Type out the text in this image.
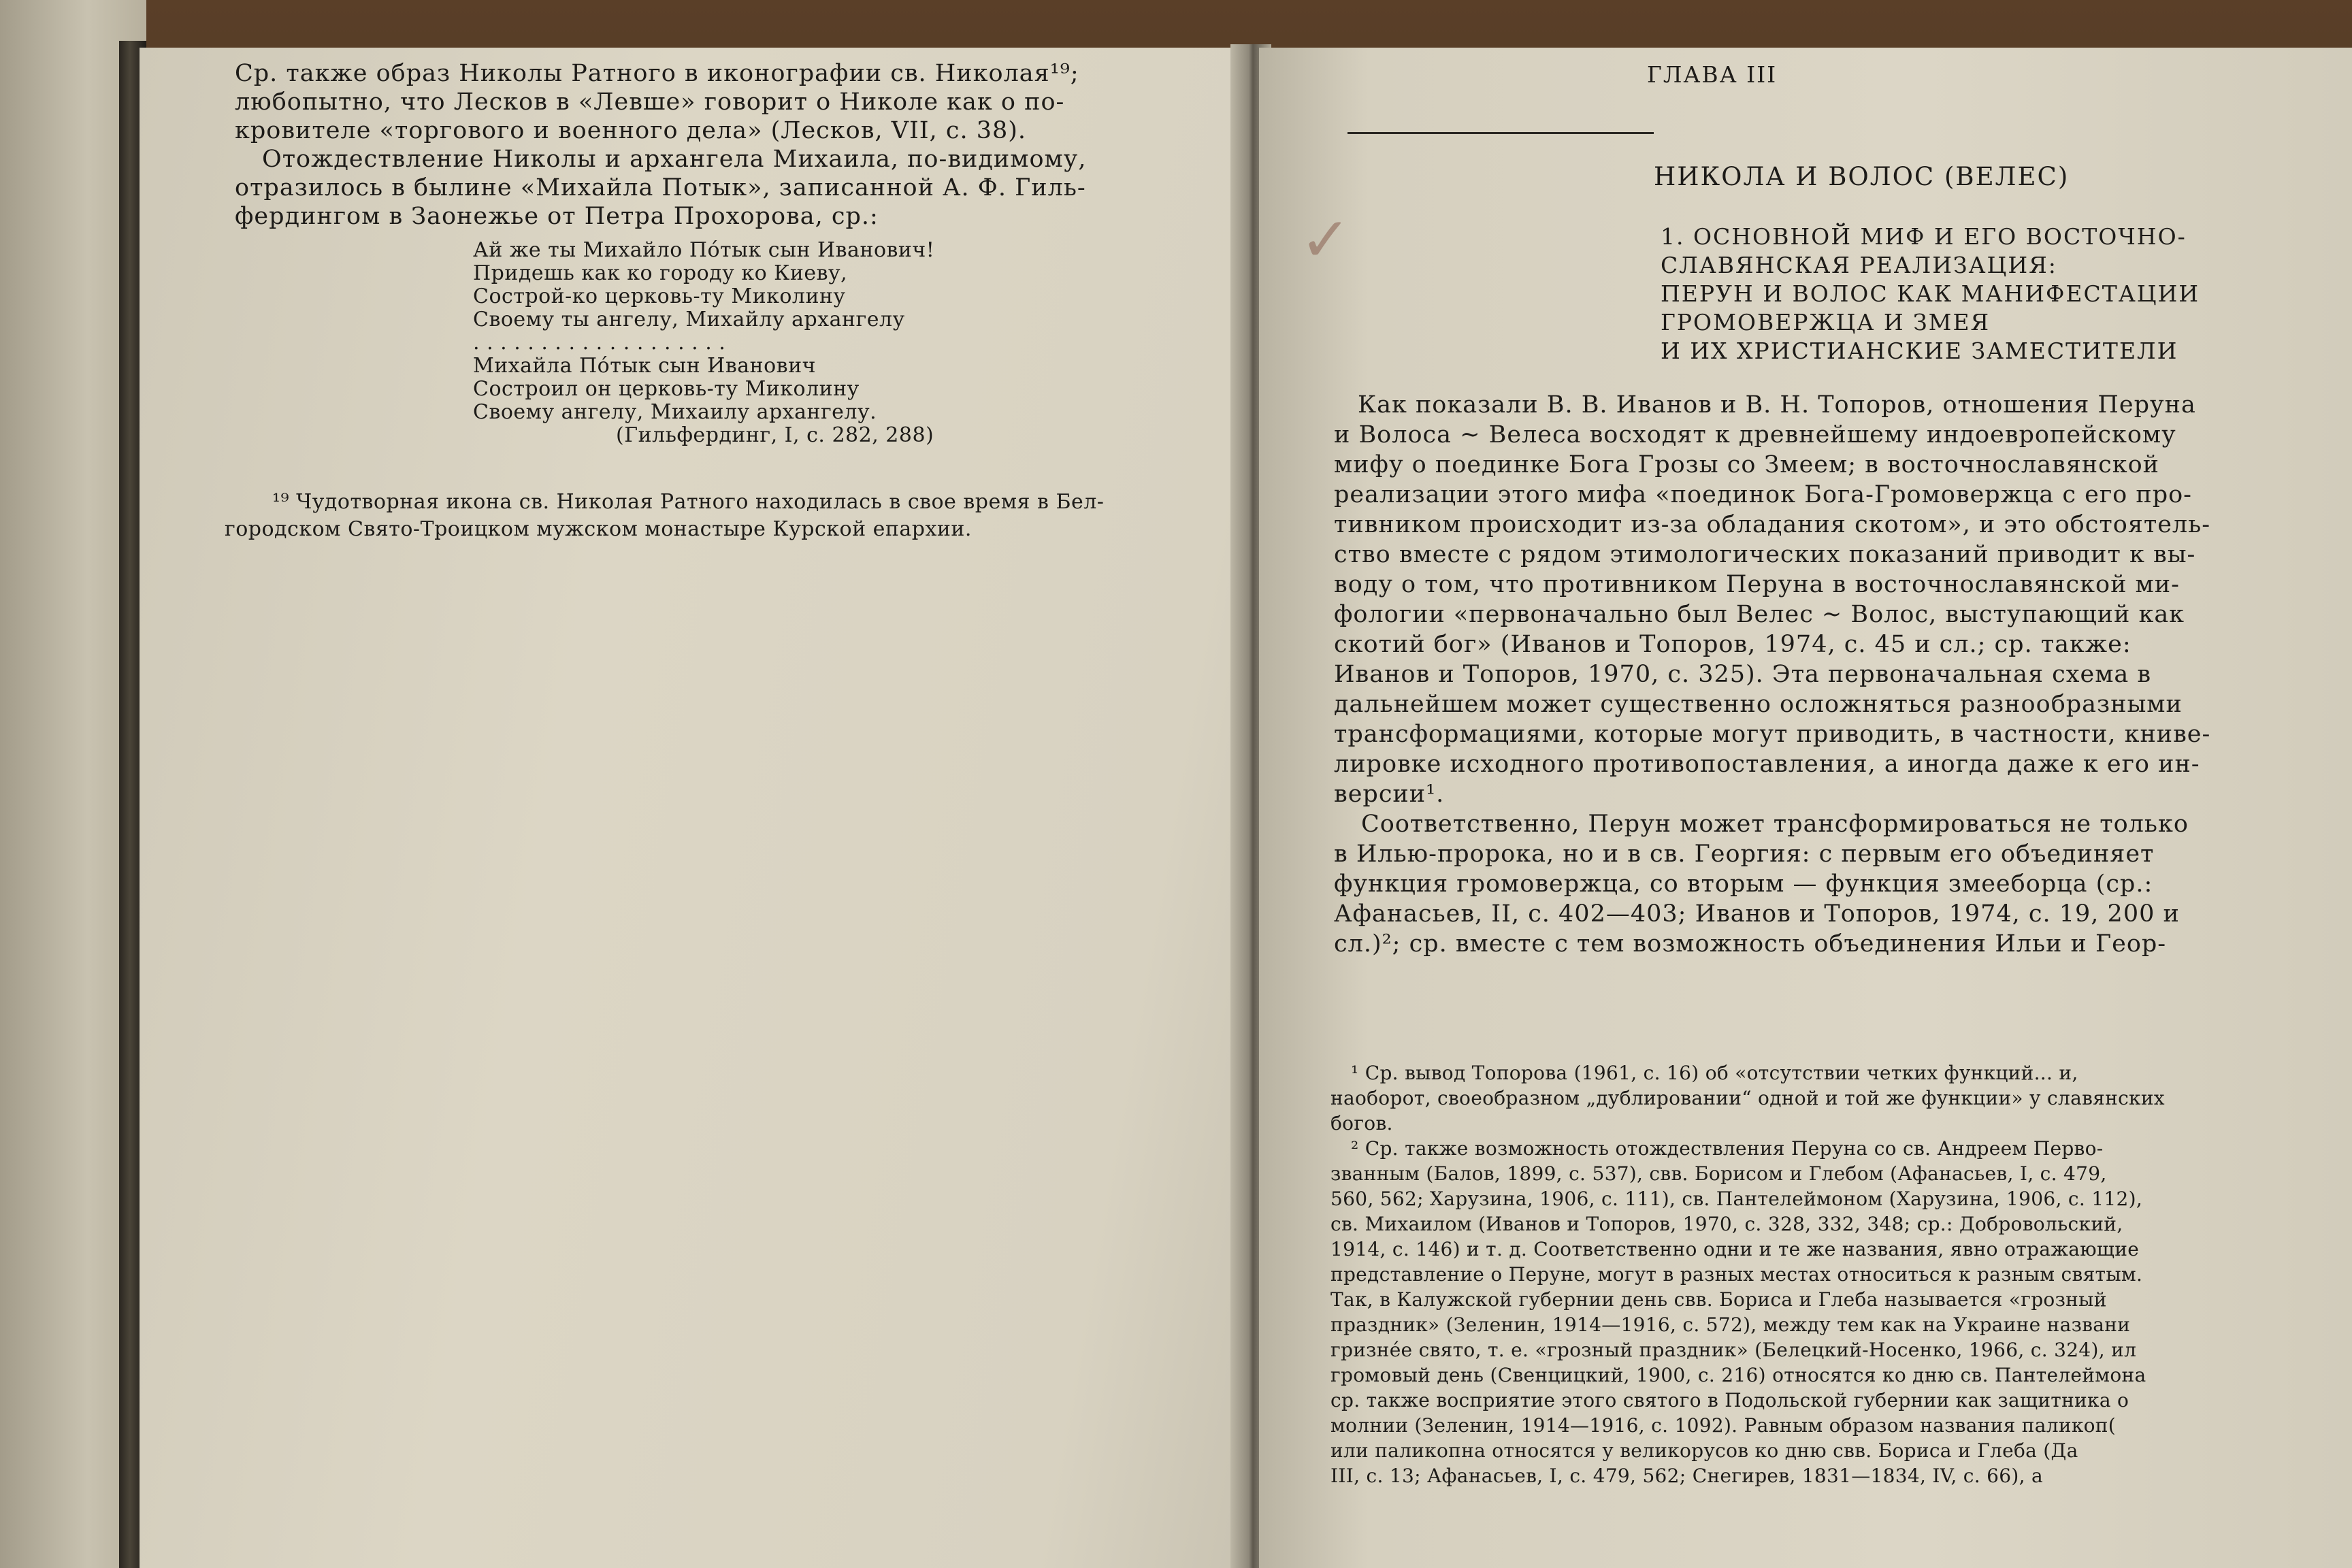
Ср. также образ Николы Ратного в иконографии св. Николая¹⁹;
любопытно, что Лесков в «Левше» говорит о Николе как о по-
кровителе «торгового и военного дела» (Лесков, VII, с. 38).
Отождествление Николы и архангела Михаила, по-видимому,
отразилось в былине «Михайла Потык», записанной А. Ф. Гиль-
фердингом в Заонежье от Петра Прохорова, ср.:
Ай же ты Михайло По́тык сын Иванович!
Придешь как ко городу ко Киеву,
Сострой-ко церковь-ту Миколину
Своему ты ангелу, Михайлу архангелу
. . . . . . . . . . . . . . . . . . .
Михайла По́тык сын Иванович
Состроил он церковь-ту Миколину
Своему ангелу, Михаилу архангелу.
(Гильфердинг, I, с. 282, 288)
¹⁹ Чудотворная икона св. Николая Ратного находилась в свое время в Бел-
городском Свято-Троицком мужском монастыре Курской епархии.
ГЛАВА III
✓
НИКОЛА И ВОЛОС (ВЕЛЕС)
1. ОСНОВНОЙ МИФ И ЕГО ВОСТОЧНО-
СЛАВЯНСКАЯ РЕАЛИЗАЦИЯ:
ПЕРУН И ВОЛОС КАК МАНИФЕСТАЦИИ
ГРОМОВЕРЖЦА И ЗМЕЯ
И ИХ ХРИСТИАНСКИЕ ЗАМЕСТИТЕЛИ
Как показали В. В. Иванов и В. Н. Топоров, отношения Перуна
и Волоса ~ Велеса восходят к древнейшему индоевропейскому
мифу о поединке Бога Грозы со Змеем; в восточнославянской
реализации этого мифа «поединок Бога-Громовержца с его про-
тивником происходит из-за обладания скотом», и это обстоятель-
ство вместе с рядом этимологических показаний приводит к вы-
воду о том, что противником Перуна в восточнославянской ми-
фологии «первоначально был Велес ~ Волос, выступающий как
скотий бог» (Иванов и Топоров, 1974, с. 45 и сл.; ср. также:
Иванов и Топоров, 1970, с. 325). Эта первоначальная схема в
дальнейшем может существенно осложняться разнообразными
трансформациями, которые могут приводить, в частности, книве-
лировке исходного противопоставления, а иногда даже к его ин-
версии¹.
Соответственно, Перун может трансформироваться не только
в Илью-пророка, но и в св. Георгия: с первым его объединяет
функция громовержца, со вторым — функция змееборца (ср.:
Афанасьев, II, с. 402—403; Иванов и Топоров, 1974, с. 19, 200 и
сл.)²; ср. вместе с тем возможность объединения Ильи и Геор-
¹ Ср. вывод Топорова (1961, с. 16) об «отсутствии четких функций... и,
наоборот, своеобразном „дублировании“ одной и той же функции» у славянских
богов.
² Ср. также возможность отождествления Перуна со св. Андреем Перво-
званным (Балов, 1899, с. 537), свв. Борисом и Глебом (Афанасьев, I, с. 479,
560, 562; Харузина, 1906, с. 111), св. Пантелеймоном (Харузина, 1906, с. 112),
св. Михаилом (Иванов и Топоров, 1970, с. 328, 332, 348; ср.: Добровольский,
1914, с. 146) и т. д. Соответственно одни и те же названия, явно отражающие
представление о Перуне, могут в разных местах относиться к разным святым.
Так, в Калужской губернии день свв. Бориса и Глеба называется «грозный
праздник» (Зеленин, 1914—1916, с. 572), между тем как на Украине названи
гризнéе свято, т. е. «грозный праздник» (Белецкий-Носенко, 1966, с. 324), ил
громовый день (Свенцицкий, 1900, с. 216) относятся ко дню св. Пантелеймона
ср. также восприятие этого святого в Подольской губернии как защитника о
молнии (Зеленин, 1914—1916, с. 1092). Равным образом названия паликоп(
или паликопна относятся у великорусов ко дню свв. Бориса и Глеба (Да
III, с. 13; Афанасьев, I, с. 479, 562; Снегирев, 1831—1834, IV, с. 66), а
